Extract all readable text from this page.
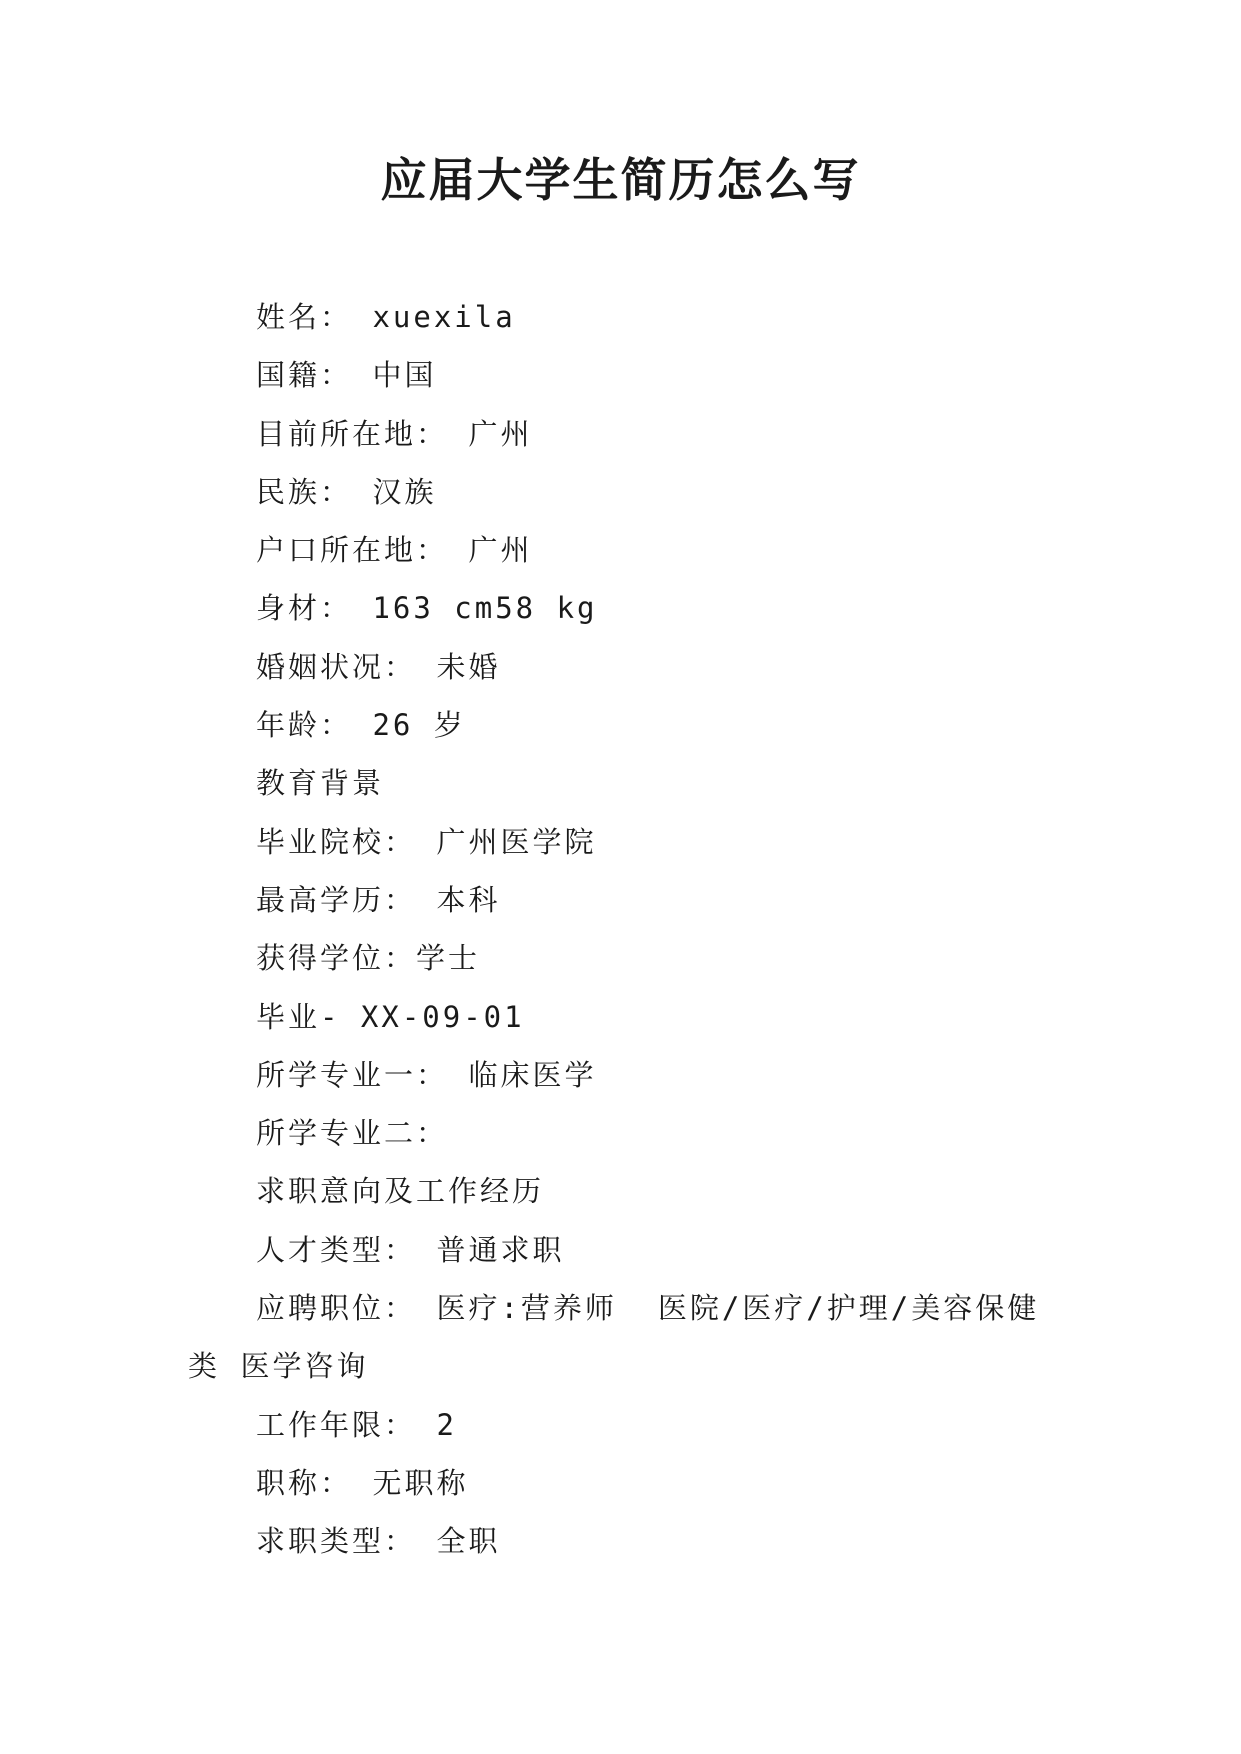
应届大学生简历怎么写
姓名： xuexila
国籍： 中国
目前所在地： 广州
民族： 汉族
户口所在地： 广州
身材： 163 cm58 kg
婚姻状况： 未婚
年龄： 26 岁
教育背景
毕业院校： 广州医学院
最高学历： 本科
获得学位：学士
毕业- XX-09-01
所学专业一： 临床医学
所学专业二：
求职意向及工作经历
人才类型： 普通求职
应聘职位： 医疗:营养师  医院/医疗/护理/美容保健
类 医学咨询
工作年限： 2
职称： 无职称
求职类型： 全职
